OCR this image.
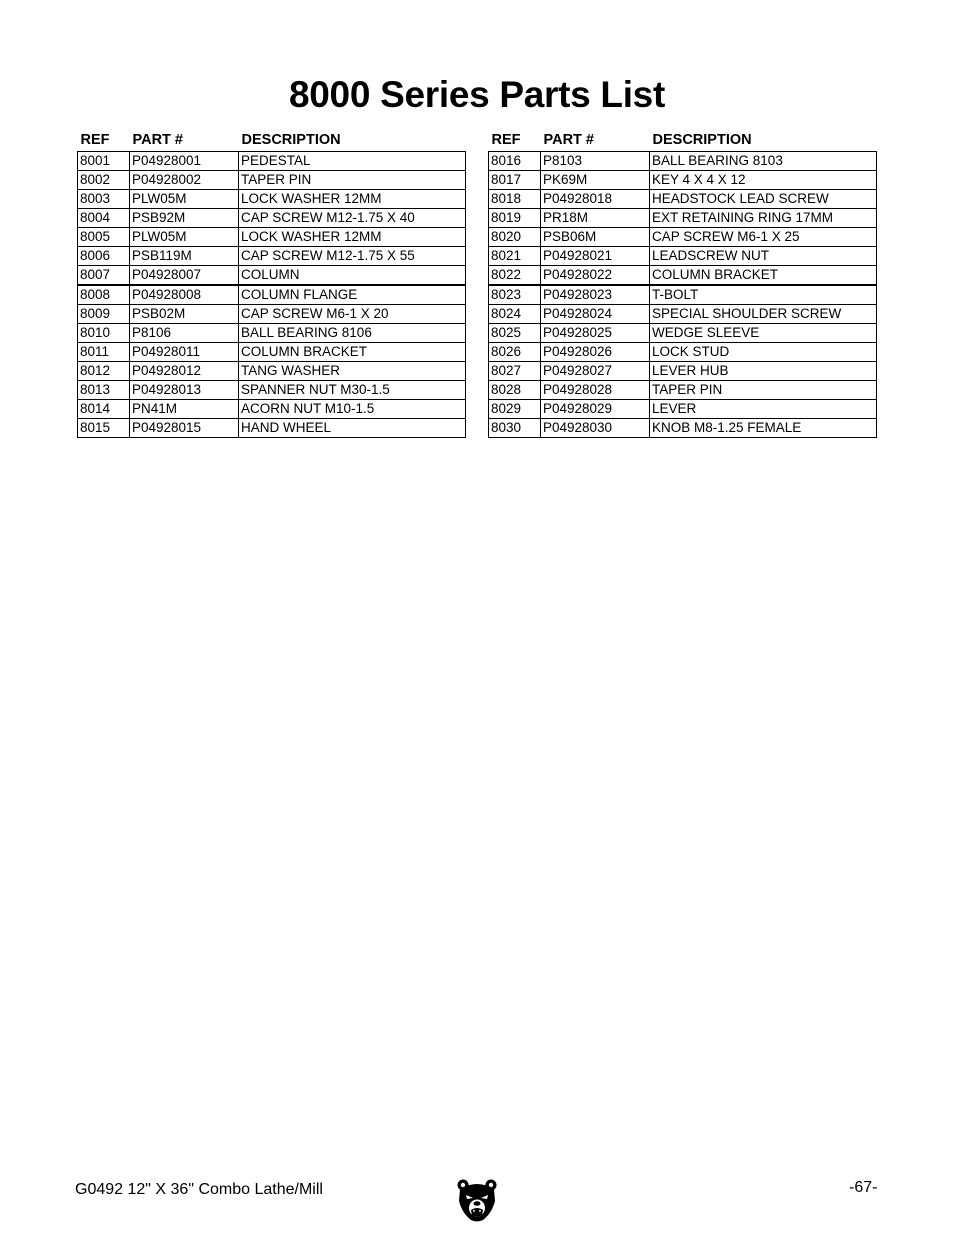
8000 Series Parts List
REF	PART #	DESCRIPTION
8001	P04928001	PEDESTAL
8002	P04928002	TAPER PIN
8003	PLW05M	LOCK WASHER 12MM
8004	PSB92M	CAP SCREW M12-1.75 X 40
8005	PLW05M	LOCK WASHER 12MM
8006	PSB119M	CAP SCREW M12-1.75 X 55
8007	P04928007	COLUMN
8008	P04928008	COLUMN FLANGE
8009	PSB02M	CAP SCREW M6-1 X 20
8010	P8106	BALL BEARING 8106
8011	P04928011	COLUMN BRACKET
8012	P04928012	TANG WASHER
8013	P04928013	SPANNER NUT M30-1.5
8014	PN41M	ACORN NUT M10-1.5
8015	P04928015	HAND WHEEL
REF	PART #	DESCRIPTION
8016	P8103	BALL BEARING 8103
8017	PK69M	KEY 4 X 4 X 12
8018	P04928018	HEADSTOCK LEAD SCREW
8019	PR18M	EXT RETAINING RING 17MM
8020	PSB06M	CAP SCREW M6-1 X 25
8021	P04928021	LEADSCREW NUT
8022	P04928022	COLUMN BRACKET
8023	P04928023	T-BOLT
8024	P04928024	SPECIAL SHOULDER SCREW
8025	P04928025	WEDGE SLEEVE
8026	P04928026	LOCK STUD
8027	P04928027	LEVER HUB
8028	P04928028	TAPER PIN
8029	P04928029	LEVER
8030	P04928030	KNOB M8-1.25 FEMALE
G0492 12" X 36" Combo Lathe/Mill	-67-
